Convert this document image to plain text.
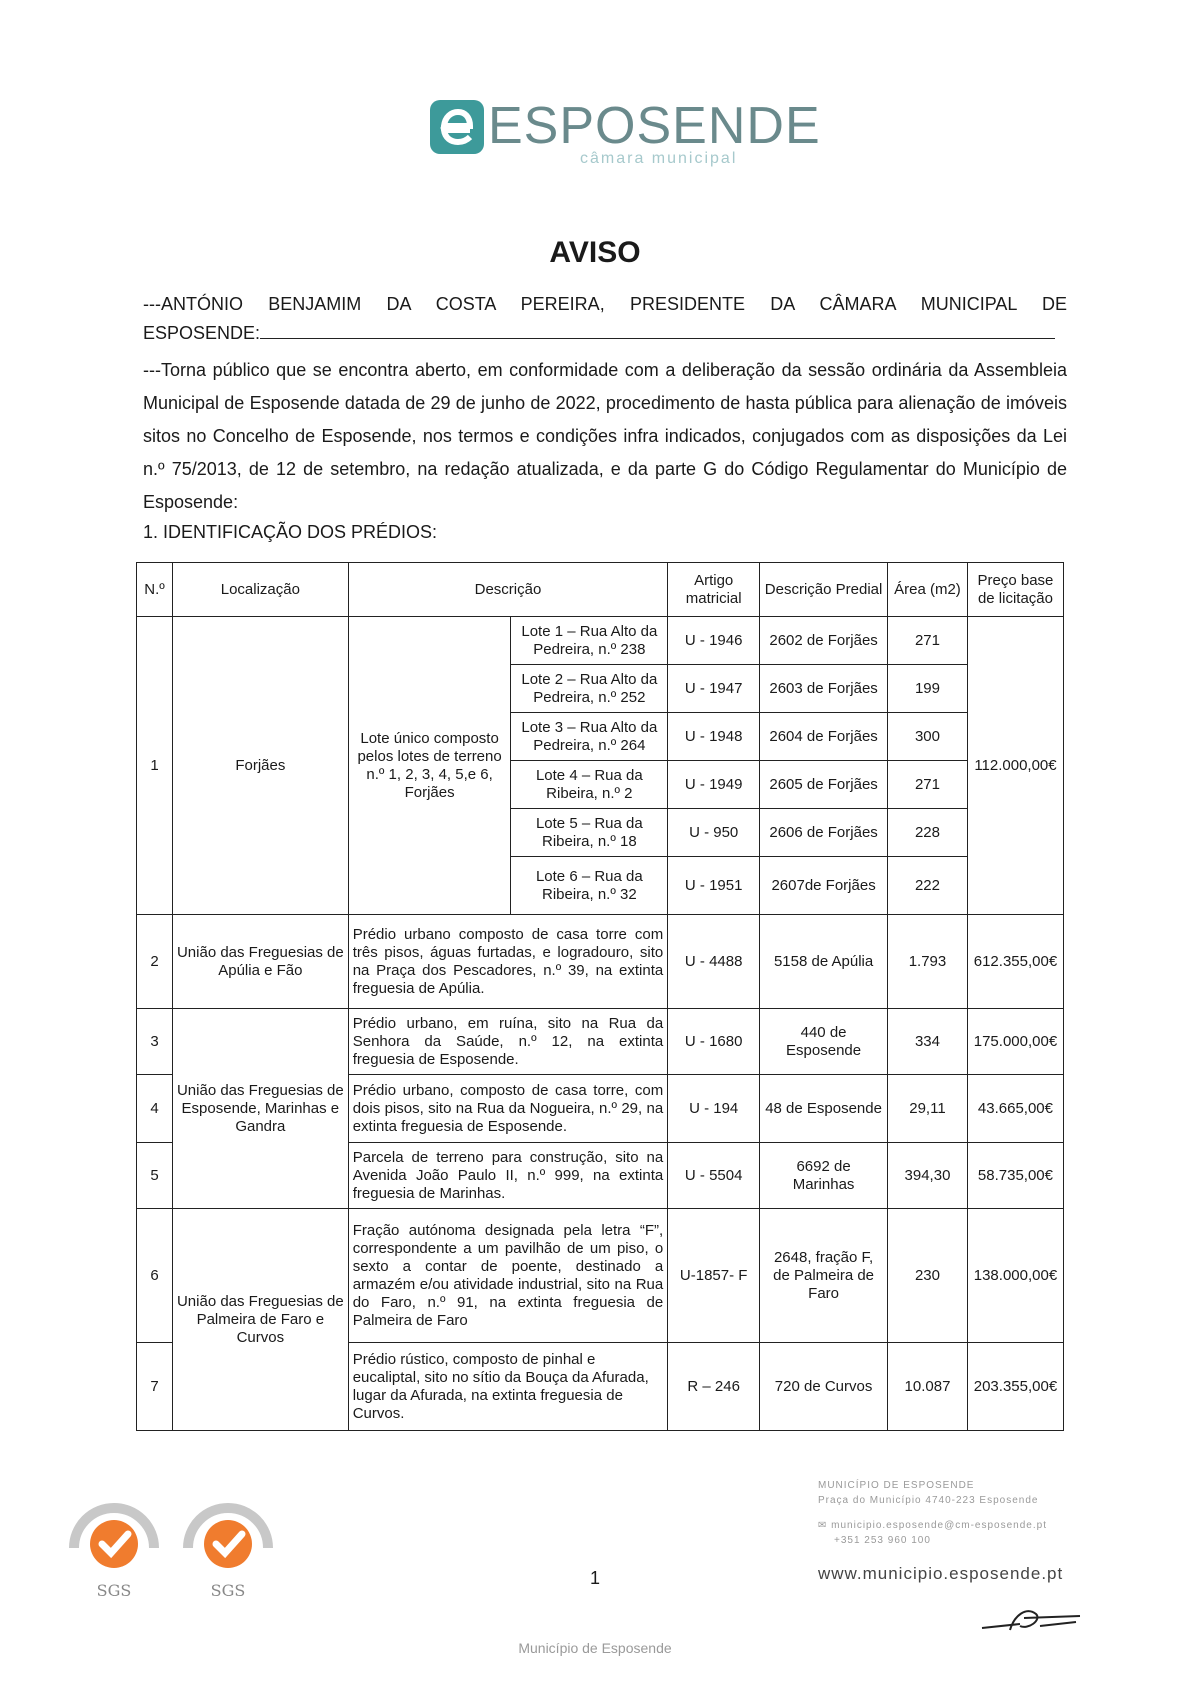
ESPOSENDE
câmara municipal
AVISO
---ANTÓNIO BENJAMIM DA COSTA PEREIRA, PRESIDENTE DA CÂMARA MUNICIPAL DE
ESPOSENDE:
---Torna público que se encontra aberto, em conformidade com a deliberação da sessão ordinária da Assembleia Municipal de Esposende datada de 29 de junho de 2022, procedimento de hasta pública para alienação de imóveis sitos no Concelho de Esposende, nos termos e condições infra indicados, conjugados com as disposições da Lei n.º 75/2013, de 12 de setembro, na redação atualizada, e da parte G do Código Regulamentar do Município de Esposende:
1. IDENTIFICAÇÃO DOS PRÉDIOS:
N.º	Localização	Descrição		Artigo matricial	Descrição Predial	Área (m2)	Preço base de licitação
1	Forjães	Lote único composto pelos lotes de terreno n.º 1, 2, 3, 4, 5,e 6, Forjães	Lote 1 – Rua Alto da Pedreira, n.º 238	U - 1946	2602 de Forjães	271	112.000,00€
			Lote 2 – Rua Alto da Pedreira, n.º 252	U - 1947	2603 de Forjães	199	
			Lote 3 – Rua Alto da Pedreira, n.º 264	U - 1948	2604 de Forjães	300	
			Lote 4 – Rua da Ribeira, n.º 2	U - 1949	2605 de Forjães	271	
			Lote 5 – Rua da Ribeira, n.º 18	U - 950	2606 de Forjães	228	
			Lote 6 – Rua da Ribeira, n.º 32	U - 1951	2607de Forjães	222	
2	União das Freguesias de Apúlia e Fão	Prédio urbano composto de casa torre com três pisos, águas furtadas, e logradouro, sito na Praça dos Pescadores, n.º 39, na extinta freguesia de Apúlia.		U - 4488	5158 de Apúlia	1.793	612.355,00€
3	União das Freguesias de Esposende, Marinhas e Gandra	Prédio urbano, em ruína, sito na Rua da Senhora da Saúde, n.º 12, na extinta freguesia de Esposende.		U - 1680	440 de Esposende	334	175.000,00€
4		Prédio urbano, composto de casa torre, com dois pisos, sito na Rua da Nogueira, n.º 29, na extinta freguesia de Esposende.		U - 194	48 de Esposende	29,11	43.665,00€
5		Parcela de terreno para construção, sito na Avenida João Paulo II, n.º 999, na extinta freguesia de Marinhas.		U - 5504	6692 de Marinhas	394,30	58.735,00€
6	União das Freguesias de Palmeira de Faro e Curvos	Fração autónoma designada pela letra “F”, correspondente a um pavilhão de um piso, o sexto a contar de poente, destinado a armazém e/ou atividade industrial, sito na Rua do Faro, n.º 91, na extinta freguesia de Palmeira de Faro		U-1857- F	2648, fração F, de Palmeira de Faro	230	138.000,00€
7		Prédio rústico, composto de pinhal e eucaliptal, sito no sítio da Bouça da Afurada, lugar da Afurada, na extinta freguesia de Curvos.		R – 246	720 de Curvos	10.087	203.355,00€
SGS	SGS
1
MUNICÍPIO DE ESPOSENDE
Praça do Município 4740-223 Esposende
✉ municipio.esposende@cm-esposende.pt
+351 253 960 100
www.municipio.esposende.pt
Município de Esposende
